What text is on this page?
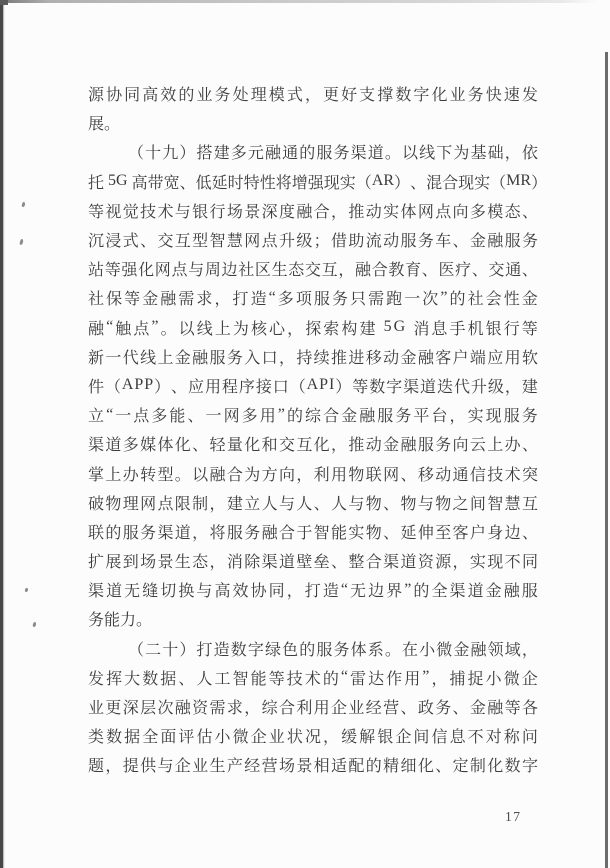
源 协 同 高 效 的 业 务 处 理 模 式 ， 更 好 支 撑 数 字 化 业 务 快 速 发
展 。
（ 十 九 ） 搭 建 多 元 融 通 的 服 务 渠 道 。 以 线 下 为 基 础 ， 依
托
5 G
高 带 宽 、 低 延 时 特 性 将 增 强 现 实 （ A R ） 、 混 合 现 实 （ M R ）
等 视 觉 技 术 与 银 行 场 景 深 度 融 合 ， 推 动 实 体 网 点 向 多 模 态 、
沉 浸 式 、 交 互 型 智 慧 网 点 升 级 ； 借 助 流 动 服 务 车 、 金 融 服 务
站 等 强 化 网 点 与 周 边 社 区 生 态 交 互 ， 融 合 教 育 、 医 疗 、 交 通 、
社 保 等 金 融 需 求 ， 打 造 “ 多 项 服 务 只 需 跑 一 次 ” 的 社 会 性 金
融 “ 触 点 ” 。 以 线 上 为 核 心 ， 探 索 构 建
5 G
消 息 手 机 银 行 等
新 一 代 线 上 金 融 服 务 入 口 ， 持 续 推 进 移 动 金 融 客 户 端 应 用 软
件 （ A P P ） 、 应 用 程 序 接 口 （ A P I ） 等 数 字 渠 道 迭 代 升 级 ， 建
立 “ 一 点 多 能 、 一 网 多 用 ” 的 综 合 金 融 服 务 平 台 ， 实 现 服 务
渠 道 多 媒 体 化 、 轻 量 化 和 交 互 化 ， 推 动 金 融 服 务 向 云 上 办 、
掌 上 办 转 型 。 以 融 合 为 方 向 ， 利 用 物 联 网 、 移 动 通 信 技 术 突
破 物 理 网 点 限 制 ， 建 立 人 与 人 、 人 与 物 、 物 与 物 之 间 智 慧 互
联 的 服 务 渠 道 ， 将 服 务 融 合 于 智 能 实 物 、 延 伸 至 客 户 身 边 、
扩 展 到 场 景 生 态 ， 消 除 渠 道 壁 垒 、 整 合 渠 道 资 源 ， 实 现 不 同
渠 道 无 缝 切 换 与 高 效 协 同 ， 打 造 “ 无 边 界 ” 的 全 渠 道 金 融 服
务 能 力 。
（ 二 十 ） 打 造 数 字 绿 色 的 服 务 体 系 。 在 小 微 金 融 领 域 ，
发 挥 大 数 据 、 人 工 智 能 等 技 术 的 “ 雷 达 作 用 ” ， 捕 捉 小 微 企
业 更 深 层 次 融 资 需 求 ， 综 合 利 用 企 业 经 营 、 政 务 、 金 融 等 各
类 数 据 全 面 评 估 小 微 企 业 状 况 ， 缓 解 银 企 间 信 息 不 对 称 问
题 ， 提 供 与 企 业 生 产 经 营 场 景 相 适 配 的 精 细 化 、 定 制 化 数 字
17
